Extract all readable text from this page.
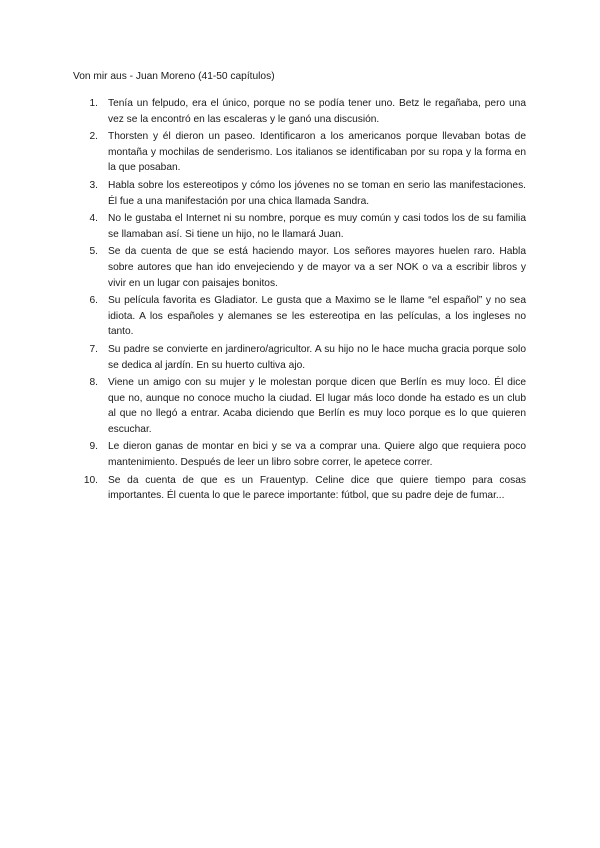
Von mir aus - Juan Moreno (41-50 capítulos)
1. Tenía un felpudo, era el único, porque no se podía tener uno. Betz le regañaba, pero una vez se la encontró en las escaleras y le ganó una discusión.
2. Thorsten y él dieron un paseo. Identificaron a los americanos porque llevaban botas de montaña y mochilas de senderismo. Los italianos se identificaban por su ropa y la forma en la que posaban.
3. Habla sobre los estereotipos y cómo los jóvenes no se toman en serio las manifestaciones. Él fue a una manifestación por una chica llamada Sandra.
4. No le gustaba el Internet ni su nombre, porque es muy común y casi todos los de su familia se llamaban así. Si tiene un hijo, no le llamará Juan.
5. Se da cuenta de que se está haciendo mayor. Los señores mayores huelen raro. Habla sobre autores que han ido envejeciendo y de mayor va a ser NOK o va a escribir libros y vivir en un lugar con paisajes bonitos.
6. Su película favorita es Gladiator. Le gusta que a Maximo se le llame “el español” y no sea idiota. A los españoles y alemanes se les estereotipa en las películas, a los ingleses no tanto.
7. Su padre se convierte en jardinero/agricultor. A su hijo no le hace mucha gracia porque solo se dedica al jardín. En su huerto cultiva ajo.
8. Viene un amigo con su mujer y le molestan porque dicen que Berlín es muy loco. Él dice que no, aunque no conoce mucho la ciudad. El lugar más loco donde ha estado es un club al que no llegó a entrar. Acaba diciendo que Berlín es muy loco porque es lo que quieren escuchar.
9. Le dieron ganas de montar en bici y se va a comprar una. Quiere algo que requiera poco mantenimiento. Después de leer un libro sobre correr, le apetece correr.
10. Se da cuenta de que es un Frauentyp. Celine dice que quiere tiempo para cosas importantes. Él cuenta lo que le parece importante: fútbol, que su padre deje de fumar...
